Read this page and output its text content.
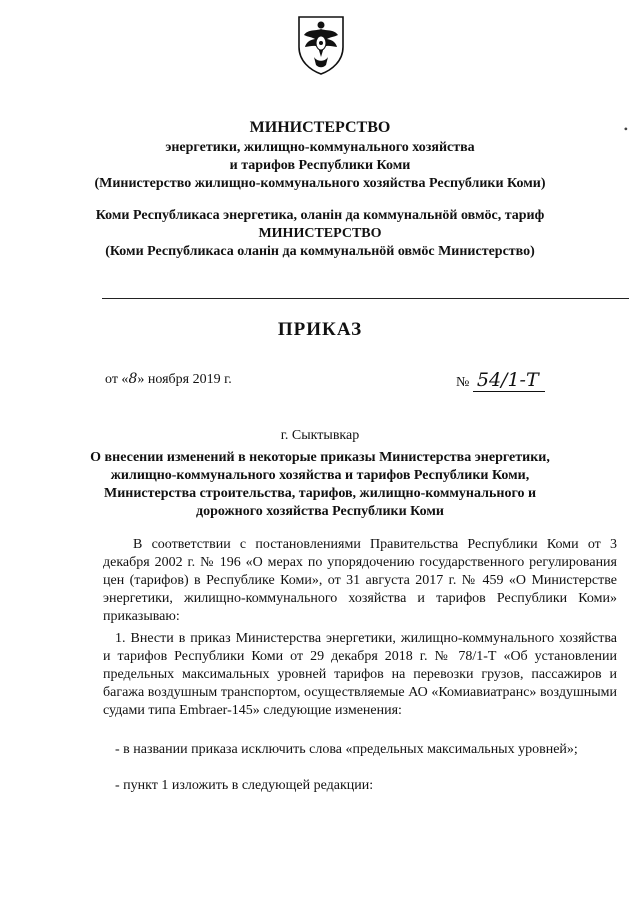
•
МИНИСТЕРСТВО
энергетики, жилищно-коммунального хозяйства
и тарифов Республики Коми
(Министерство жилищно-коммунального хозяйства Республики Коми)
Коми Республикаса энергетика, оланiн да коммунальнöй овмöс, тариф
МИНИСТЕРСТВО
(Коми Республикаса оланiн да коммунальнöй овмöс Министерство)
ПРИКАЗ
от «8» ноября 2019 г.	№ 54/1-Т
г. Сыктывкар
О внесении изменений в некоторые приказы Министерства энергетики,
жилищно-коммунального хозяйства и тарифов Республики Коми,
Министерства строительства, тарифов, жилищно-коммунального и
дорожного хозяйства Республики Коми
В соответствии с постановлениями Правительства Республики Коми от 3 декабря 2002 г. № 196 «О мерах по упорядочению государственного регулирования цен (тарифов) в Республике Коми», от 31 августа 2017 г. № 459 «О Министерстве энергетики, жилищно-коммунального хозяйства и тарифов Республики Коми» приказываю:
1. Внести в приказ Министерства энергетики, жилищно-коммунального хозяйства и тарифов Республики Коми от 29 декабря 2018 г. № 78/1-Т «Об установлении предельных максимальных уровней тарифов на перевозки грузов, пассажиров и багажа воздушным транспортом, осуществляемые АО «Комиавиатранс» воздушными судами типа Embraer-145» следующие изменения:
- в названии приказа исключить слова «предельных максимальных уровней»;
- пункт 1 изложить в следующей редакции:
